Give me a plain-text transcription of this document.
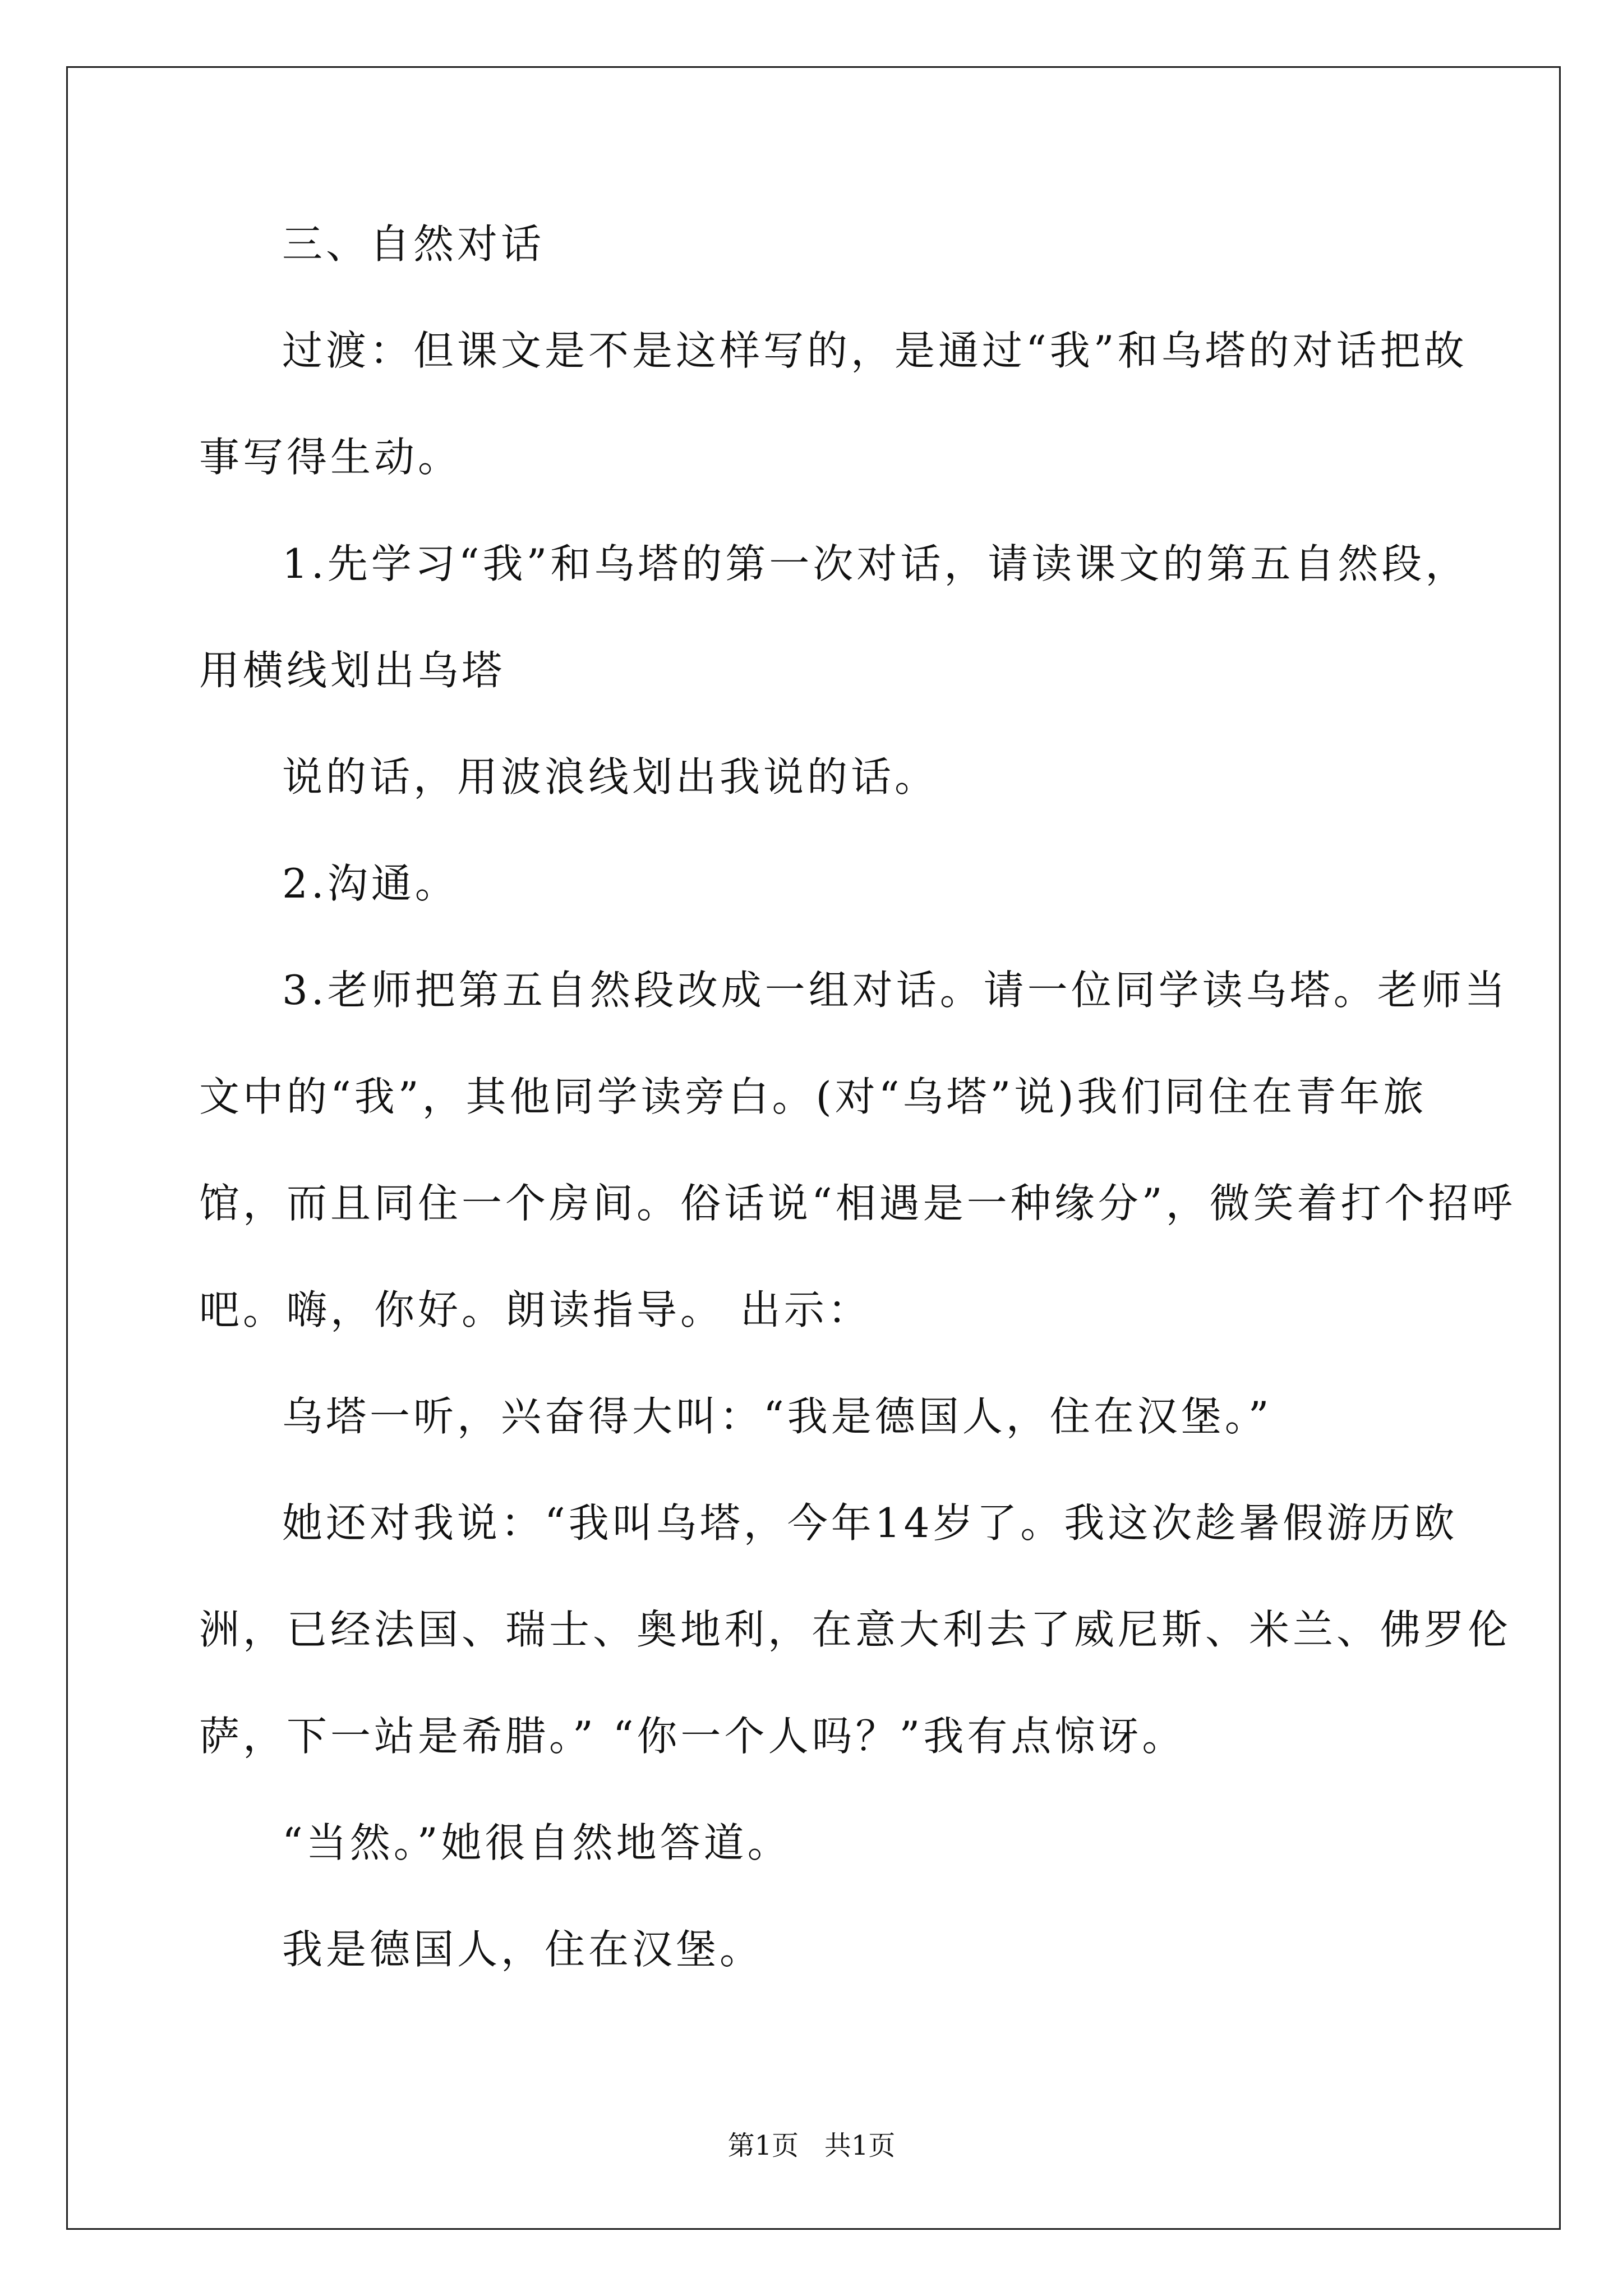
三、自然对话
过渡：但课文是不是这样写的，是通过“我”和乌塔的对话把故
事写得生动。
1.先学习“我”和乌塔的第一次对话，请读课文的第五自然段，
用横线划出乌塔
说的话，用波浪线划出我说的话。
2.沟通。
3.老师把第五自然段改成一组对话。请一位同学读乌塔。老师当
文中的“我”，其他同学读旁白。(对“乌塔”说)我们同住在青年旅
馆，而且同住一个房间。俗话说“相遇是一种缘分”，微笑着打个招呼
吧。嗨，你好。朗读指导。 出示：
乌塔一听，兴奋得大叫：“我是德国人，住在汉堡。”
她还对我说：“我叫乌塔，今年14岁了。我这次趁暑假游历欧
洲，已经法国、瑞士、奥地利，在意大利去了威尼斯、米兰、佛罗伦
萨，下一站是希腊。” “你一个人吗？”我有点惊讶。
“当然。”她很自然地答道。
我是德国人，住在汉堡。
第1页   共1页
